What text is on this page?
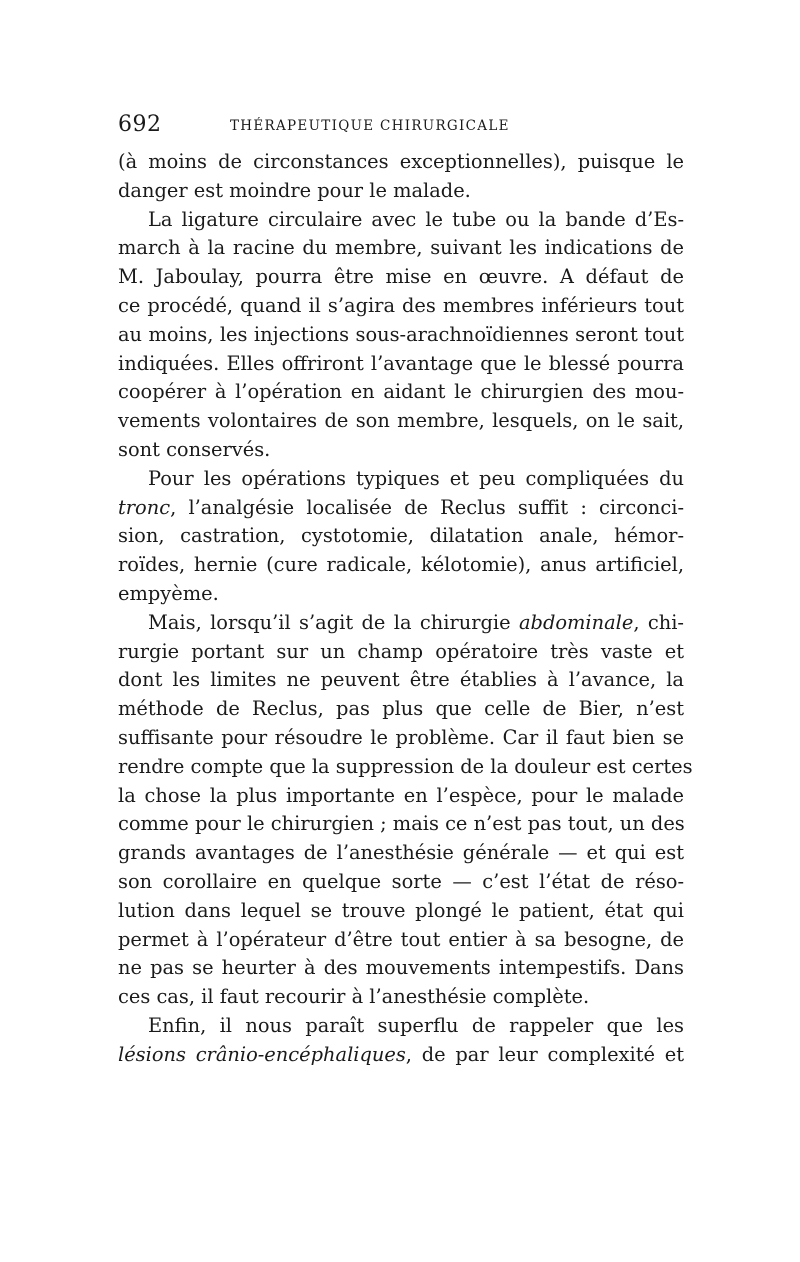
692	THÉRAPEUTIQUE CHIRURGICALE

(à moins de circonstances exceptionnelles), puisque le
danger est moindre pour le malade.

La ligature circulaire avec le tube ou la bande d’Es-
march à la racine du membre, suivant les indications de
M. Jaboulay, pourra être mise en œuvre. A défaut de
ce procédé, quand il s’agira des membres inférieurs tout
au moins, les injections sous-arachnoïdiennes seront tout
indiquées. Elles offriront l’avantage que le blessé pourra
coopérer à l’opération en aidant le chirurgien des mou-
vements volontaires de son membre, lesquels, on le sait,
sont conservés.

Pour les opérations typiques et peu compliquées du
tronc, l’analgésie localisée de Reclus suffit : circonci-
sion, castration, cystotomie, dilatation anale, hémor-
roïdes, hernie (cure radicale, kélotomie), anus artificiel,
empyème.

Mais, lorsqu’il s’agit de la chirurgie abdominale, chi-
rurgie portant sur un champ opératoire très vaste et
dont les limites ne peuvent être établies à l’avance, la
méthode de Reclus, pas plus que celle de Bier, n’est
suffisante pour résoudre le problème. Car il faut bien se
rendre compte que la suppression de la douleur est certes
la chose la plus importante en l’espèce, pour le malade
comme pour le chirurgien ; mais ce n’est pas tout, un des
grands avantages de l’anesthésie générale — et qui est
son corollaire en quelque sorte — c’est l’état de réso-
lution dans lequel se trouve plongé le patient, état qui
permet à l’opérateur d’être tout entier à sa besogne, de
ne pas se heurter à des mouvements intempestifs. Dans
ces cas, il faut recourir à l’anesthésie complète.

Enfin, il nous paraît superflu de rappeler que les
lésions crânio-encéphaliques, de par leur complexité et
